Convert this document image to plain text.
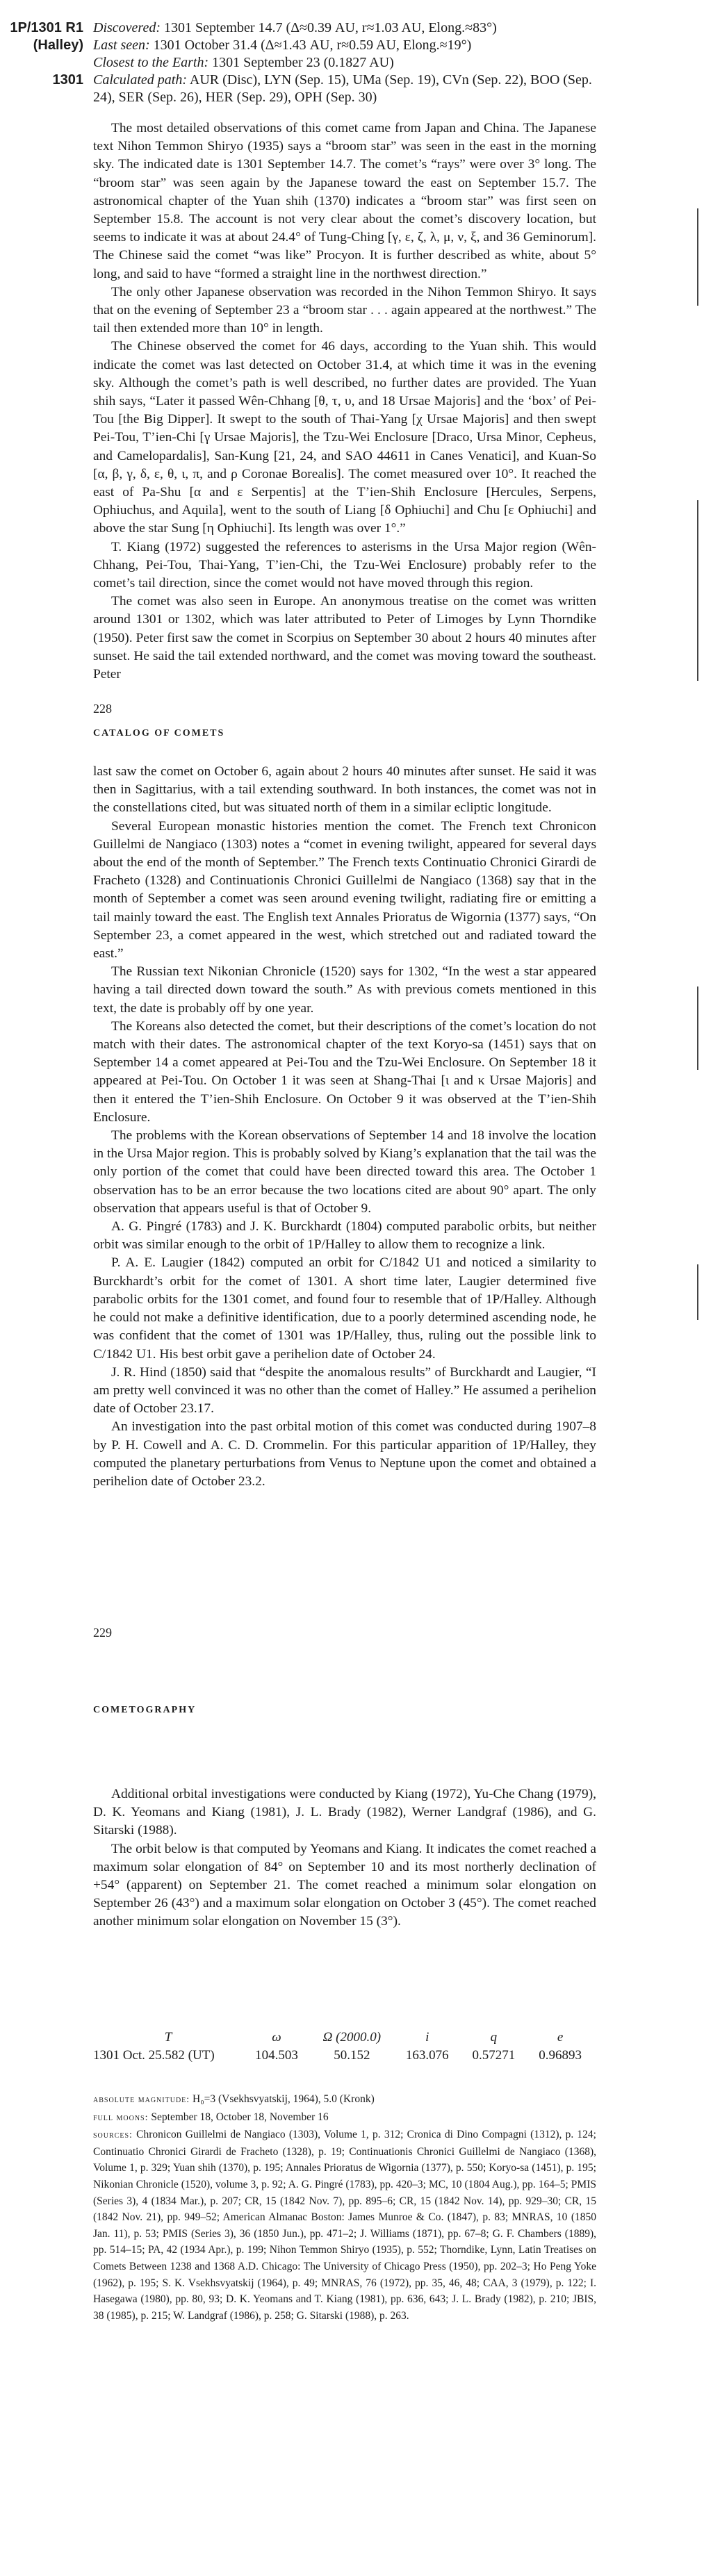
1P/1301 R1 Discovered: 1301 September 14.7 (Δ≈0.39 AU, r≈1.03 AU, Elong.≈83°)
(Halley) Last seen: 1301 October 31.4 (Δ≈1.43 AU, r≈0.59 AU, Elong.≈19°)
Closest to the Earth: 1301 September 23 (0.1827 AU)
1301 Calculated path: AUR (Disc), LYN (Sep. 15), UMa (Sep. 19), CVn (Sep. 22), BOO (Sep. 24), SER (Sep. 26), HER (Sep. 29), OPH (Sep. 30)

The most detailed observations of this comet came from Japan and China. The Japanese text Nihon Temmon Shiryo (1935) says a “broom star” was seen in the east in the morning sky. The indicated date is 1301 September 14.7. The comet’s “rays” were over 3° long. The “broom star” was seen again by the Japanese toward the east on September 15.7. The astronomical chapter of the Yuan shih (1370) indicates a “broom star” was first seen on September 15.8. The account is not very clear about the comet’s discovery location, but seems to indicate it was at about 24.4° of Tung-Ching [γ, ε, ζ, λ, μ, ν, ξ, and 36 Geminorum]. The Chinese said the comet “was like” Procyon. It is further described as white, about 5° long, and said to have “formed a straight line in the northwest direction.”

The only other Japanese observation was recorded in the Nihon Temmon Shiryo. It says that on the evening of September 23 a “broom star . . . again appeared at the northwest.” The tail then extended more than 10° in length.

The Chinese observed the comet for 46 days, according to the Yuan shih. This would indicate the comet was last detected on October 31.4, at which time it was in the evening sky. Although the comet’s path is well described, no further dates are provided. The Yuan shih says, “Later it passed Wên-Chhang [θ, τ, υ, and 18 Ursae Majoris] and the ‘box’ of Pei-Tou [the Big Dipper]. It swept to the south of Thai-Yang [χ Ursae Majoris] and then swept Pei-Tou, T’ien-Chi [γ Ursae Majoris], the Tzu-Wei Enclosure [Draco, Ursa Minor, Cepheus, and Camelopardalis], San-Kung [21, 24, and SAO 44611 in Canes Venatici], and Kuan-So [α, β, γ, δ, ε, θ, ι, π, and ρ Coronae Borealis]. The comet measured over 10°. It reached the east of Pa-Shu [α and ε Serpentis] at the T’ien-Shih Enclosure [Hercules, Serpens, Ophiuchus, and Aquila], went to the south of Liang [δ Ophiuchi] and Chu [ε Ophiuchi] and above the star Sung [η Ophiuchi]. Its length was over 1°.”

T. Kiang (1972) suggested the references to asterisms in the Ursa Major region (Wên-Chhang, Pei-Tou, Thai-Yang, T’ien-Chi, the Tzu-Wei Enclosure) probably refer to the comet’s tail direction, since the comet would not have moved through this region.

The comet was also seen in Europe. An anonymous treatise on the comet was written around 1301 or 1302, which was later attributed to Peter of Limoges by Lynn Thorndike (1950). Peter first saw the comet in Scorpius on September 30 about 2 hours 40 minutes after sunset. He said the tail extended northward, and the comet was moving toward the southeast. Peter

228
CATALOG OF COMETS

last saw the comet on October 6, again about 2 hours 40 minutes after sunset. He said it was then in Sagittarius, with a tail extending southward. In both instances, the comet was not in the constellations cited, but was situated north of them in a similar ecliptic longitude.

Several European monastic histories mention the comet. The French text Chronicon Guillelmi de Nangiaco (1303) notes a “comet in evening twilight, appeared for several days about the end of the month of September.” The French texts Continuatio Chronici Girardi de Fracheto (1328) and Continuationis Chronici Guillelmi de Nangiaco (1368) say that in the month of September a comet was seen around evening twilight, radiating fire or emitting a tail mainly toward the east. The English text Annales Prioratus de Wigornia (1377) says, “On September 23, a comet appeared in the west, which stretched out and radiated toward the east.”

The Russian text Nikonian Chronicle (1520) says for 1302, “In the west a star appeared having a tail directed down toward the south.” As with previous comets mentioned in this text, the date is probably off by one year.

The Koreans also detected the comet, but their descriptions of the comet’s location do not match with their dates. The astronomical chapter of the text Koryo-sa (1451) says that on September 14 a comet appeared at Pei-Tou and the Tzu-Wei Enclosure. On September 18 it appeared at Pei-Tou. On October 1 it was seen at Shang-Thai [ι and κ Ursae Majoris] and then it entered the T’ien-Shih Enclosure. On October 9 it was observed at the T’ien-Shih Enclosure.

The problems with the Korean observations of September 14 and 18 involve the location in the Ursa Major region. This is probably solved by Kiang’s explanation that the tail was the only portion of the comet that could have been directed toward this area. The October 1 observation has to be an error because the two locations cited are about 90° apart. The only observation that appears useful is that of October 9.

A. G. Pingré (1783) and J. K. Burckhardt (1804) computed parabolic orbits, but neither orbit was similar enough to the orbit of 1P/Halley to allow them to recognize a link.

P. A. E. Laugier (1842) computed an orbit for C/1842 U1 and noticed a similarity to Burckhardt’s orbit for the comet of 1301. A short time later, Laugier determined five parabolic orbits for the 1301 comet, and found four to resemble that of 1P/Halley. Although he could not make a definitive identification, due to a poorly determined ascending node, he was confident that the comet of 1301 was 1P/Halley, thus, ruling out the possible link to C/1842 U1. His best orbit gave a perihelion date of October 24.

J. R. Hind (1850) said that “despite the anomalous results” of Burckhardt and Laugier, “I am pretty well convinced it was no other than the comet of Halley.” He assumed a perihelion date of October 23.17.

An investigation into the past orbital motion of this comet was conducted during 1907–8 by P. H. Cowell and A. C. D. Crommelin. For this particular apparition of 1P/Halley, they computed the planetary perturbations from Venus to Neptune upon the comet and obtained a perihelion date of October 23.2.

229
COMETOGRAPHY

Additional orbital investigations were conducted by Kiang (1972), Yu-Che Chang (1979), D. K. Yeomans and Kiang (1981), J. L. Brady (1982), Werner Landgraf (1986), and G. Sitarski (1988).

The orbit below is that computed by Yeomans and Kiang. It indicates the comet reached a maximum solar elongation of 84° on September 10 and its most northerly declination of +54° (apparent) on September 21. The comet reached a minimum solar elongation on September 26 (43°) and a maximum solar elongation on October 3 (45°). The comet reached another minimum solar elongation on November 15 (3°).

T	ω	Ω (2000.0)	i	q	e
1301 Oct. 25.582 (UT)	104.503	50.152	163.076	0.57271	0.96893

absolute magnitude: H₀=3 (Vsekhsvyatskij, 1964), 5.0 (Kronk)

full moons: September 18, October 18, November 16

sources: Chronicon Guillelmi de Nangiaco (1303), Volume 1, p. 312; Cronica di Dino Compagni (1312), p. 124; Continuatio Chronici Girardi de Fracheto (1328), p. 19; Continuationis Chronici Guillelmi de Nangiaco (1368), Volume 1, p. 329; Yuan shih (1370), p. 195; Annales Prioratus de Wigornia (1377), p. 550; Koryo-sa (1451), p. 195; Nikonian Chronicle (1520), volume 3, p. 92; A. G. Pingré (1783), pp. 420–3; MC, 10 (1804 Aug.), pp. 164–5; PMIS (Series 3), 4 (1834 Mar.), p. 207; CR, 15 (1842 Nov. 7), pp. 895–6; CR, 15 (1842 Nov. 14), pp. 929–30; CR, 15 (1842 Nov. 21), pp. 949–52; American Almanac Boston: James Munroe & Co. (1847), p. 83; MNRAS, 10 (1850 Jan. 11), p. 53; PMIS (Series 3), 36 (1850 Jun.), pp. 471–2; J. Williams (1871), pp. 67–8; G. F. Chambers (1889), pp. 514–15; PA, 42 (1934 Apr.), p. 199; Nihon Temmon Shiryo (1935), p. 552; Thorndike, Lynn, Latin Treatises on Comets Between 1238 and 1368 A.D. Chicago: The University of Chicago Press (1950), pp. 202–3; Ho Peng Yoke (1962), p. 195; S. K. Vsekhsvyatskij (1964), p. 49; MNRAS, 76 (1972), pp. 35, 46, 48; CAA, 3 (1979), p. 122; I. Hasegawa (1980), pp. 80, 93; D. K. Yeomans and T. Kiang (1981), pp. 636, 643; J. L. Brady (1982), p. 210; JBIS, 38 (1985), p. 215; W. Landgraf (1986), p. 258; G. Sitarski (1988), p. 263.
